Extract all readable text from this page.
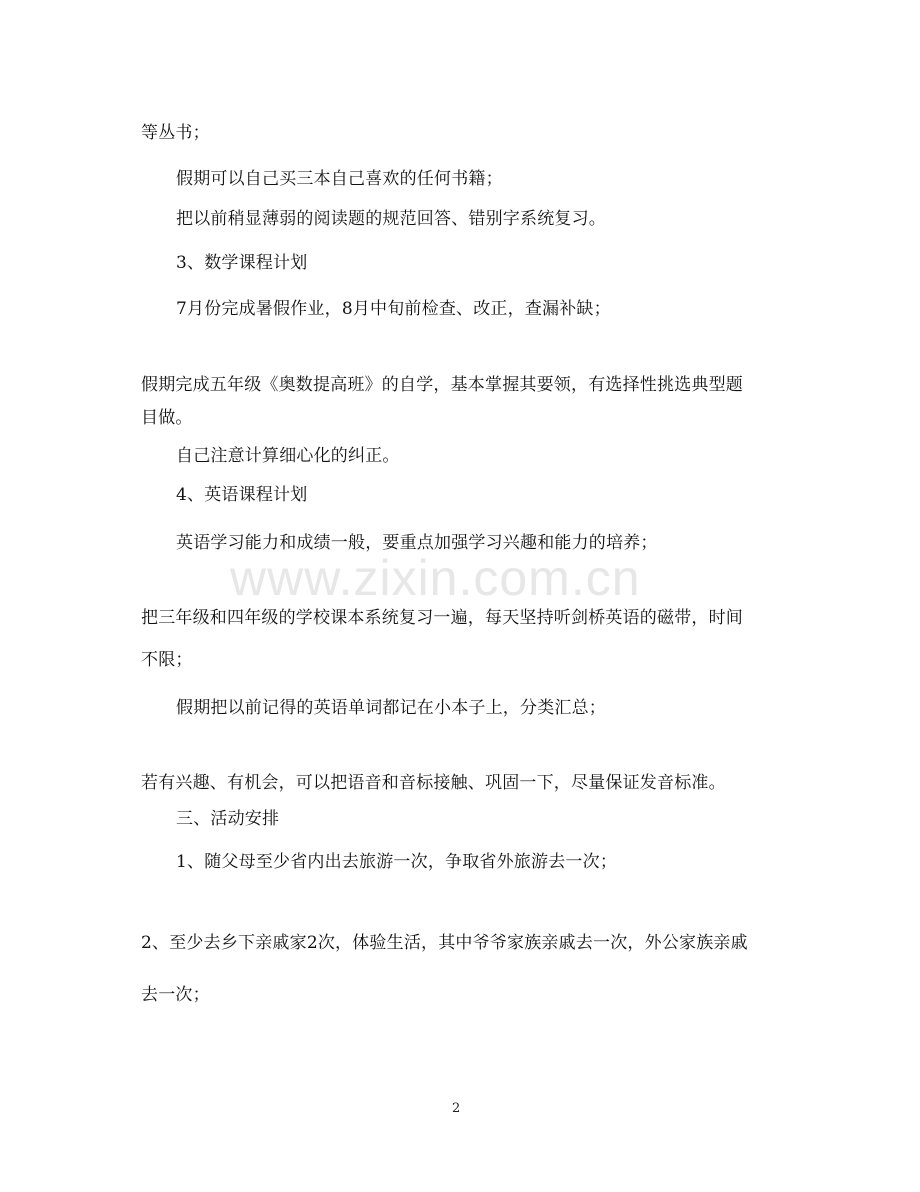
www.zixin.com.cn
等丛书；
假期可以自己买三本自己喜欢的任何书籍；
把以前稍显薄弱的阅读题的规范回答、错别字系统复习。
3、数学课程计划
7月份完成暑假作业，8月中旬前检查、改正，查漏补缺；
假期完成五年级《奥数提高班》的自学，基本掌握其要领，有选择性挑选典型题
目做。
自己注意计算细心化的纠正。
4、英语课程计划
英语学习能力和成绩一般，要重点加强学习兴趣和能力的培养；
把三年级和四年级的学校课本系统复习一遍，每天坚持听剑桥英语的磁带，时间
不限；
假期把以前记得的英语单词都记在小本子上，分类汇总；
若有兴趣、有机会，可以把语音和音标接触、巩固一下，尽量保证发音标准。
三、活动安排
1、随父母至少省内出去旅游一次，争取省外旅游去一次；
2、至少去乡下亲戚家2次，体验生活，其中爷爷家族亲戚去一次，外公家族亲戚
去一次；
2
